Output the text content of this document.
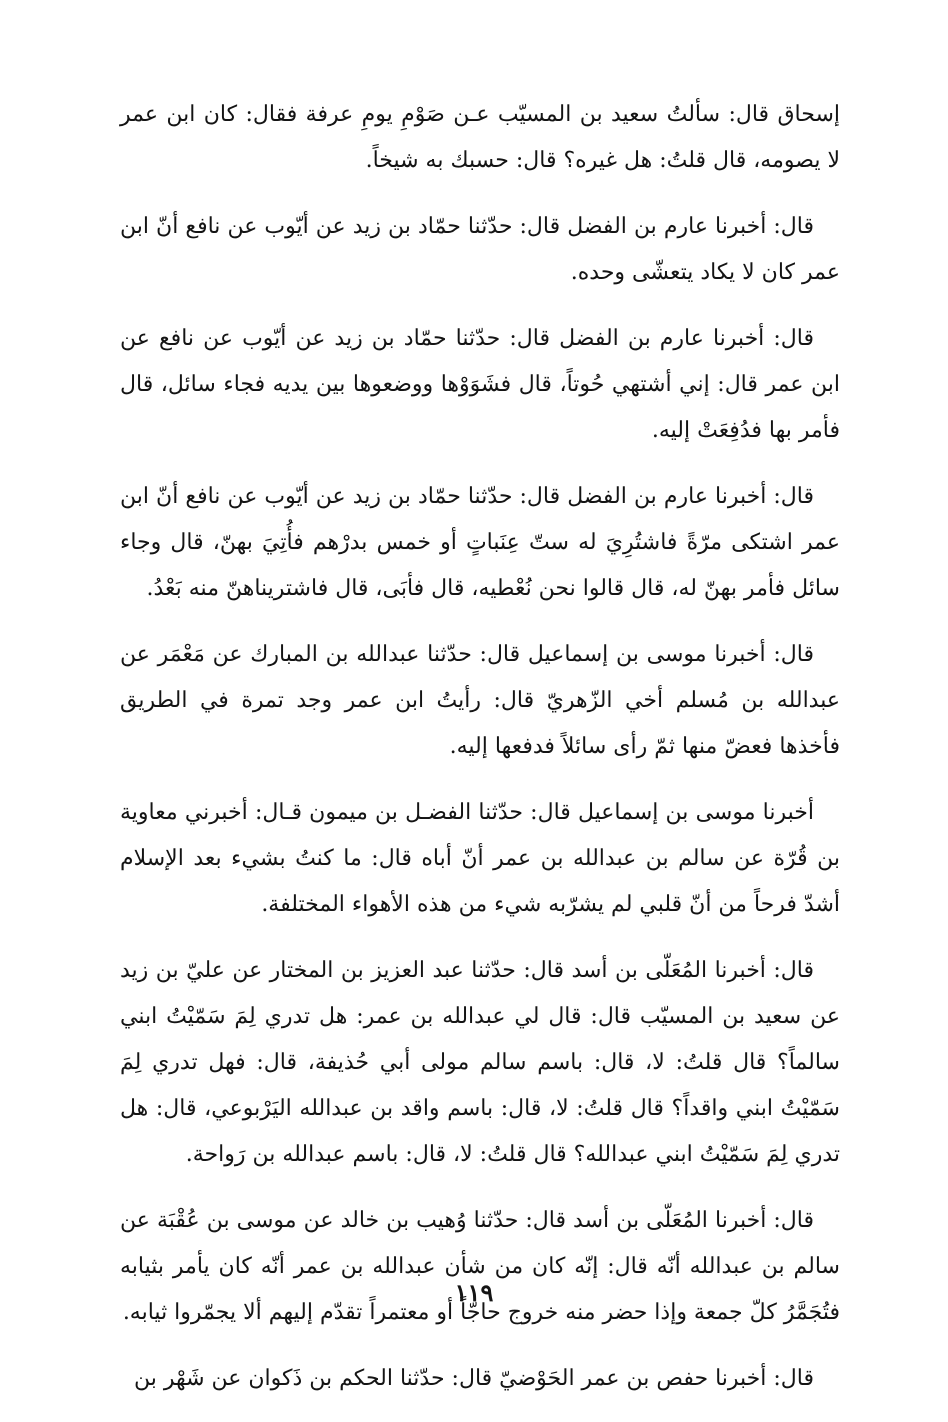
إسحاق قال: سألتُ سعيد بن المسيّب عـن صَوْمِ يومِ عرفة فقال: كان ابن عمر لا يصومه، قال قلتُ: هل غيره؟ قال: حسبك به شيخاً.

قال: أخبرنا عارم بن الفضل قال: حدّثنا حمّاد بن زيد عن أيّوب عن نافع أنّ ابن عمر كان لا يكاد يتعشّى وحده.

قال: أخبرنا عارم بن الفضل قال: حدّثنا حمّاد بن زيد عن أيّوب عن نافع عن ابن عمر قال: إني أشتهي حُوتاً، قال فشَوَوْها ووضعوها بين يديه فجاء سائل، قال فأمر بها فدُفِعَتْ إليه.

قال: أخبرنا عارم بن الفضل قال: حدّثنا حمّاد بن زيد عن أيّوب عن نافع أنّ ابن عمر اشتكى مرّةً فاشتُرِيَ له ستّ عِنَباتٍ أو خمس بدرْهم فأُتِيَ بهنّ، قال وجاء سائل فأمر بهنّ له، قال قالوا نحن نُعْطيه، قال فأبَى، قال فاشتريناهنّ منه بَعْدُ.

قال: أخبرنا موسى بن إسماعيل قال: حدّثنا عبدالله بن المبارك عن مَعْمَر عن عبدالله بن مُسلم أخي الزّهريّ قال: رأيتُ ابن عمر وجد تمرة في الطريق فأخذها فعضّ منها ثمّ رأى سائلاً فدفعها إليه.

أخبرنا موسى بن إسماعيل قال: حدّثنا الفضـل بن ميمون قـال: أخبرني معاوية بن قُرّة عن سالم بن عبدالله بن عمر أنّ أباه قال: ما كنتُ بشيء بعد الإسلام أشدّ فرحاً من أنّ قلبي لم يشرّبه شيء من هذه الأهواء المختلفة.

قال: أخبرنا المُعَلّى بن أسد قال: حدّثنا عبد العزيز بن المختار عن عليّ بن زيد عن سعيد بن المسيّب قال: قال لي عبدالله بن عمر: هل تدري لِمَ سَمّيْتُ ابني سالماً؟ قال قلتُ: لا، قال: باسم سالم مولى أبي حُذيفة، قال: فهل تدري لِمَ سَمّيْتُ ابني واقداً؟ قال قلتُ: لا، قال: باسم واقد بن عبدالله اليَرْبوعي، قال: هل تدري لِمَ سَمّيْتُ ابني عبدالله؟ قال قلتُ: لا، قال: باسم عبدالله بن رَواحة.

قال: أخبرنا المُعَلّى بن أسد قال: حدّثنا وُهيب بن خالد عن موسى بن عُقْبَة عن سالم بن عبدالله أنّه قال: إنّه كان من شأن عبدالله بن عمر أنّه كان يأمر بثيابه فتُجَمَّرُ كلّ جمعة وإذا حضر منه خروج حاجّاً أو معتمراً تقدّم إليهم ألا يجمّروا ثيابه.

قال: أخبرنا حفص بن عمر الحَوْضيّ قال: حدّثنا الحكم بن ذَكوان عن شَهْر بن

١١٩
